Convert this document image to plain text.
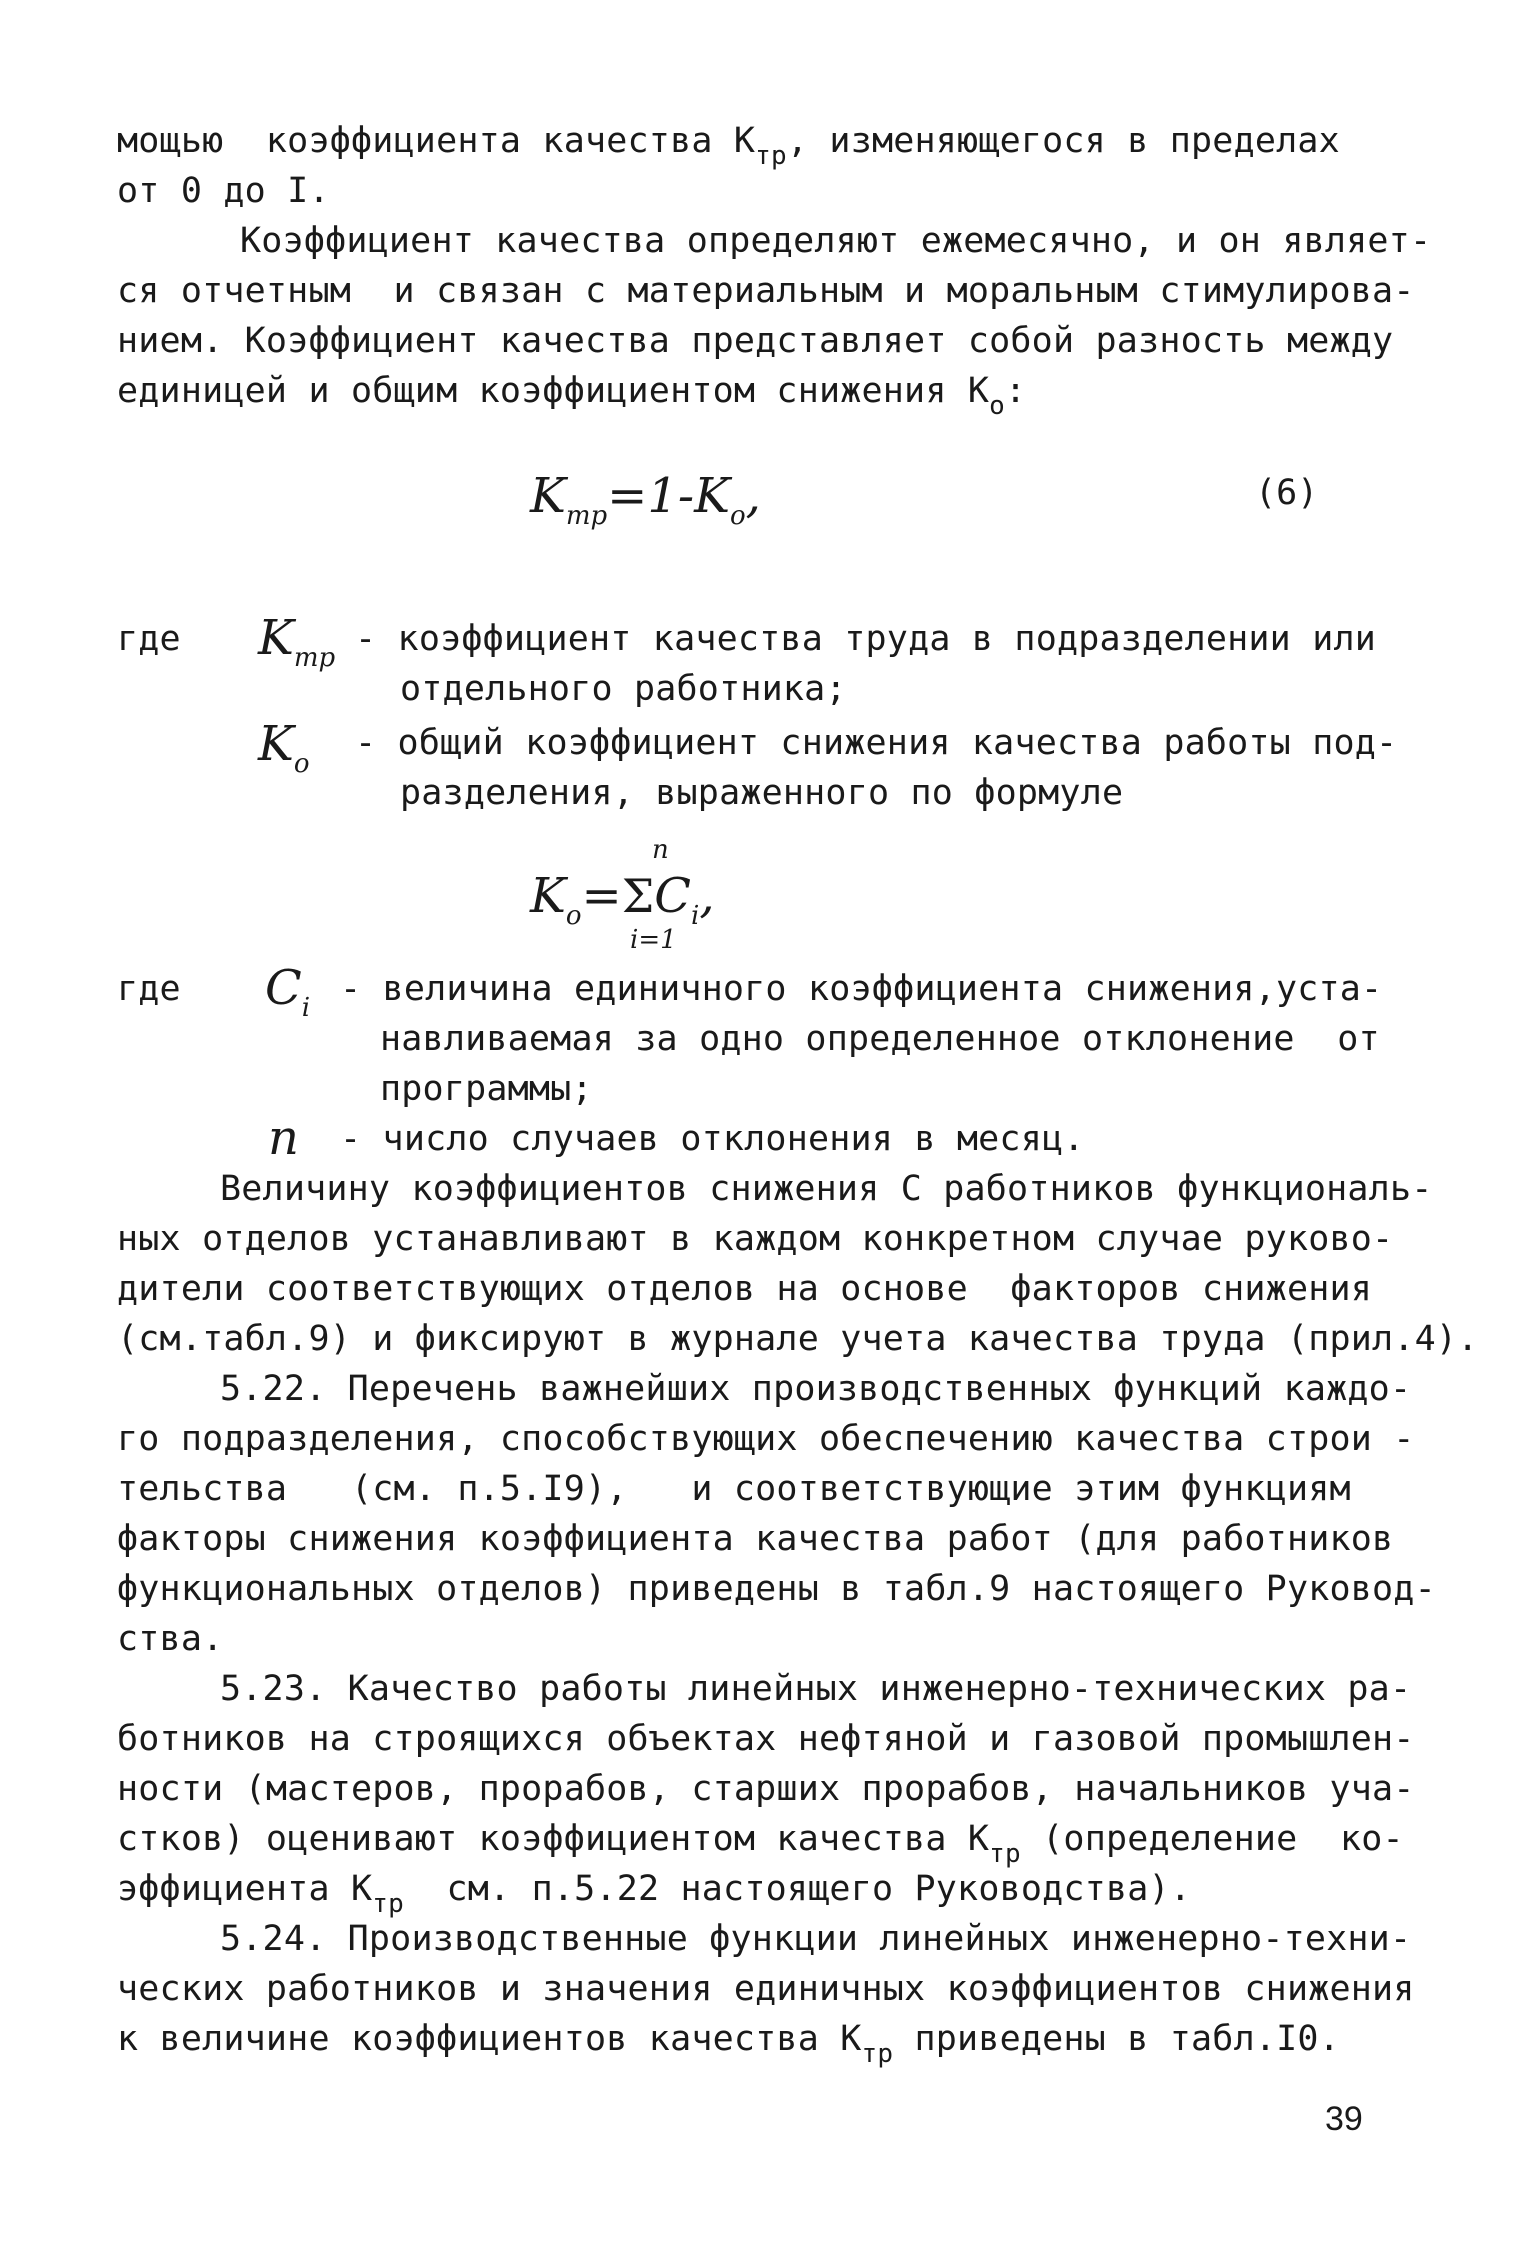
мощью  коэффициента качества $К_{тр}$, изменяющегося в пределах
от 0 до I.
Коэффициент качества определяют ежемесячно, и он являет-
ся отчетным  и связан с материальным и моральным стимулирова-
нием. Коэффициент качества представляет собой разность между
единицей и общим коэффициентом снижения $К_о$:
$K_{тр}=1-K_o$,	(6)
где $K_{тр}$ - коэффициент качества труда в подразделении или
отдельного работника;
$K_o$
- общий коэффициент снижения качества работы под-
разделения, выраженного по формуле
$K_o=\Sigma C_i$,
n
i=1
где $C_i$ - величина единичного коэффициента снижения,уста-
навливаемая за одно определенное отклонение  от
программы;
n - число случаев отклонения в месяц.
Величину коэффициентов снижения С работников функциональ-
ных отделов устанавливают в каждом конкретном случае руково-
дители соответствующих отделов на основе  факторов снижения
(см.табл.9) и фиксируют в журнале учета качества труда (прил.4).
5.22. Перечень важнейших производственных функций каждо-
го подразделения, способствующих обеспечению качества строи -
тельства   (см. п.5.I9),   и соответствующие этим функциям
факторы снижения коэффициента качества работ (для работников
функциональных отделов) приведены в табл.9 настоящего Руковод-
ства.
5.23. Качество работы линейных инженерно-технических ра-
ботников на строящихся объектах нефтяной и газовой промышлен-
ности (мастеров, прорабов, старших прорабов, начальников уча-
стков) оценивают коэффициентом качества $К_{тр}$ (определение  ко-
эффициента $К_{тр}$  см. п.5.22 настоящего Руководства).
5.24. Производственные функции линейных инженерно-техни-
ческих работников и значения единичных коэффициентов снижения
к величине коэффициентов качества $К_{тр}$ приведены в табл.I0.
39
